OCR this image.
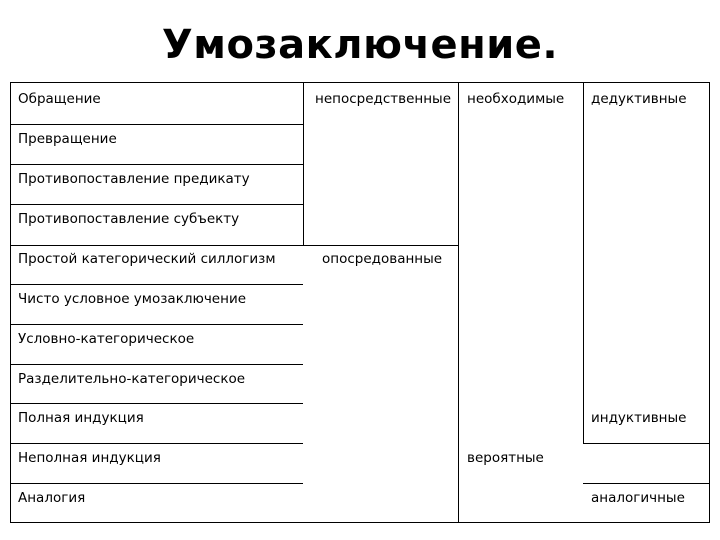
Умозаключение.
Обращение
Превращение
Противопоставление предикату
Противопоставление субъекту
Простой категорический силлогизм
Чисто условное умозаключение
Условно-категорическое
Разделительно-категорическое
Полная индукция
Неполная индукция
Аналогия
непосредственные
опосредованные
необходимые
вероятные
дедуктивные
индуктивные
аналогичные
